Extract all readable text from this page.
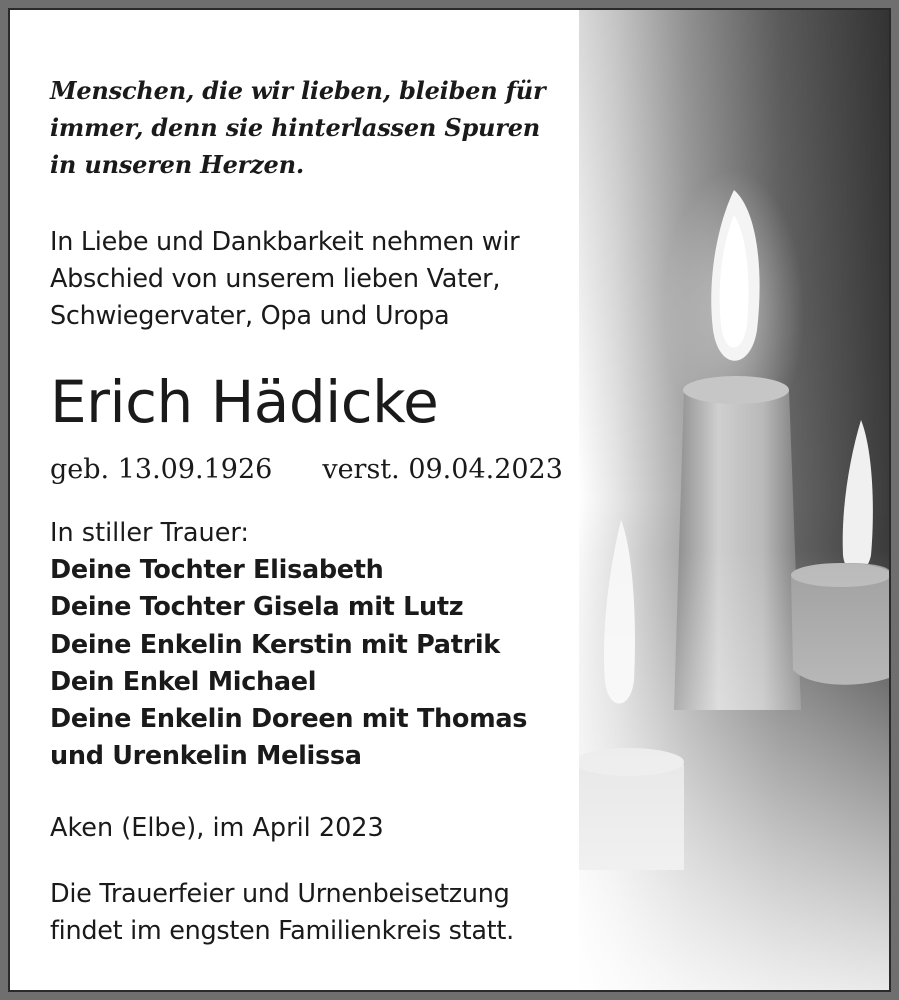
Menschen, die wir lieben, bleiben für
immer, denn sie hinterlassen Spuren
in unseren Herzen.
In Liebe und Dankbarkeit nehmen wir
Abschied von unserem lieben Vater,
Schwiegervater, Opa und Uropa
Erich Hädicke
geb. 13.09.1926 verst. 09.04.2023
In stiller Trauer:
Deine Tochter Elisabeth
Deine Tochter Gisela mit Lutz
Deine Enkelin Kerstin mit Patrik
Dein Enkel Michael
Deine Enkelin Doreen mit Thomas
und Urenkelin Melissa
Aken (Elbe), im April 2023
Die Trauerfeier und Urnenbeisetzung
findet im engsten Familienkreis statt.
